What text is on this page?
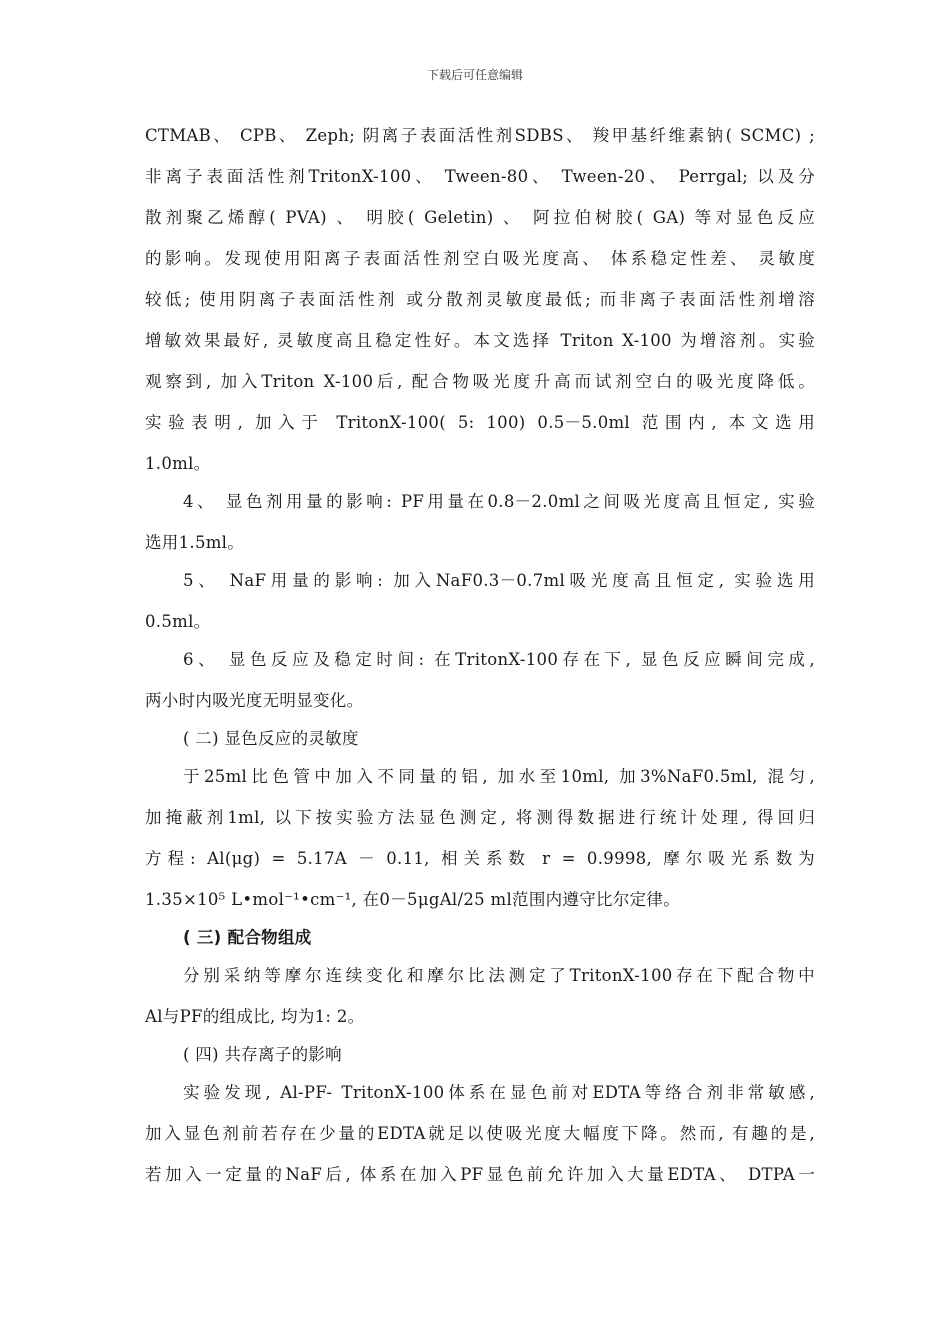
下载后可任意编辑
CTMAB、 CPB、 Zeph; 阴离子表面活性剂SDBS、 羧甲基纤维素钠( SCMC) ;
非离子表面活性剂TritonX-100、 Tween-80、 Tween-20、 Perrgal; 以及分
散剂聚乙烯醇( PVA) 、 明胶( Geletin) 、 阿拉伯树胶( GA) 等对显色反应
的影响。发现使用阳离子表面活性剂空白吸光度高、 体系稳定性差、 灵敏度
较低; 使用阴离子表面活性剂 或分散剂灵敏度最低; 而非离子表面活性剂增溶
增敏效果最好, 灵敏度高且稳定性好。本文选择 Triton X-100 为增溶剂。实验
观察到, 加入Triton X-100后, 配合物吸光度升高而试剂空白的吸光度降低。
实验表明, 加入于 TritonX-100( 5: 100) 0.5－5.0ml 范围内, 本文选用
1.0ml。
4、 显色剂用量的影响: PF用量在0.8－2.0ml之间吸光度高且恒定, 实验
选用1.5ml。
5、 NaF用量的影响: 加入NaF0.3－0.7ml吸光度高且恒定, 实验选用
0.5ml。
6、 显色反应及稳定时间: 在TritonX-100存在下, 显色反应瞬间完成,
两小时内吸光度无明显变化。
( 二) 显色反应的灵敏度
于25ml比色管中加入不同量的铝, 加水至10ml, 加3%NaF0.5ml, 混匀,
加掩蔽剂1ml, 以下按实验方法显色测定, 将测得数据进行统计处理, 得回归
方程: Al(μg) = 5.17A － 0.11, 相关系数 r = 0.9998, 摩尔吸光系数为
1.35×10⁵ L•mol⁻¹•cm⁻¹, 在0－5μgAl/25 ml范围内遵守比尔定律。
( 三) 配合物组成
分别采纳等摩尔连续变化和摩尔比法测定了TritonX-100存在下配合物中
Al与PF的组成比, 均为1: 2。
( 四) 共存离子的影响
实验发现, Al-PF- TritonX-100体系在显色前对EDTA等络合剂非常敏感,
加入显色剂前若存在少量的EDTA就足以使吸光度大幅度下降。然而, 有趣的是,
若加入一定量的NaF后, 体系在加入PF显色前允许加入大量EDTA、 DTPA一
